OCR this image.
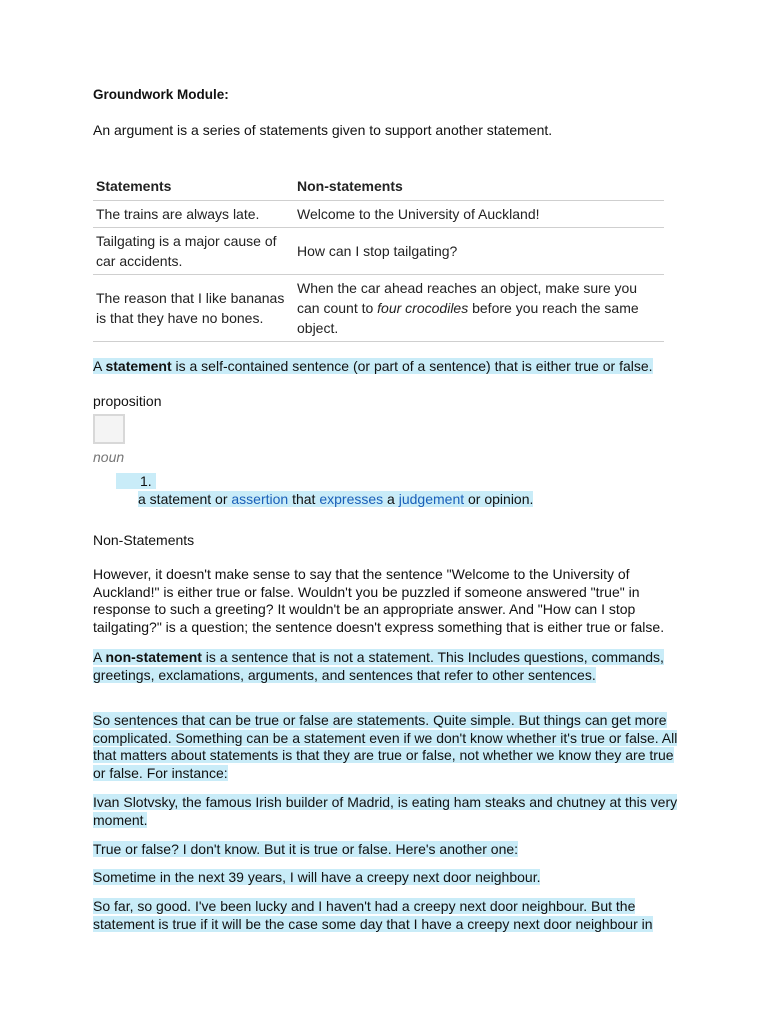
Groundwork Module:
An argument is a series of statements given to support another statement.
Statements	Non-statements
The trains are always late.	Welcome to the University of Auckland!
Tailgating is a major cause of car accidents.	How can I stop tailgating?
The reason that I like bananas is that they have no bones.	When the car ahead reaches an object, make sure you can count to four crocodiles before you reach the same object.
A statement is a self-contained sentence (or part of a sentence) that is either true or false.
proposition
noun
1.
a statement or assertion that expresses a judgement or opinion.
Non-Statements
However, it doesn't make sense to say that the sentence "Welcome to the University of Auckland!" is either true or false. Wouldn't you be puzzled if someone answered "true" in response to such a greeting? It wouldn't be an appropriate answer. And "How can I stop tailgating?" is a question; the sentence doesn't express something that is either true or false.
A non-statement is a sentence that is not a statement. This Includes questions, commands, greetings, exclamations, arguments, and sentences that refer to other sentences.
So sentences that can be true or false are statements. Quite simple. But things can get more complicated. Something can be a statement even if we don't know whether it's true or false. All that matters about statements is that they are true or false, not whether we know they are true or false. For instance:
Ivan Slotvsky, the famous Irish builder of Madrid, is eating ham steaks and chutney at this very moment.
True or false? I don't know. But it is true or false. Here's another one:
Sometime in the next 39 years, I will have a creepy next door neighbour.
So far, so good. I've been lucky and I haven't had a creepy next door neighbour. But the statement is true if it will be the case some day that I have a creepy next door neighbour in
